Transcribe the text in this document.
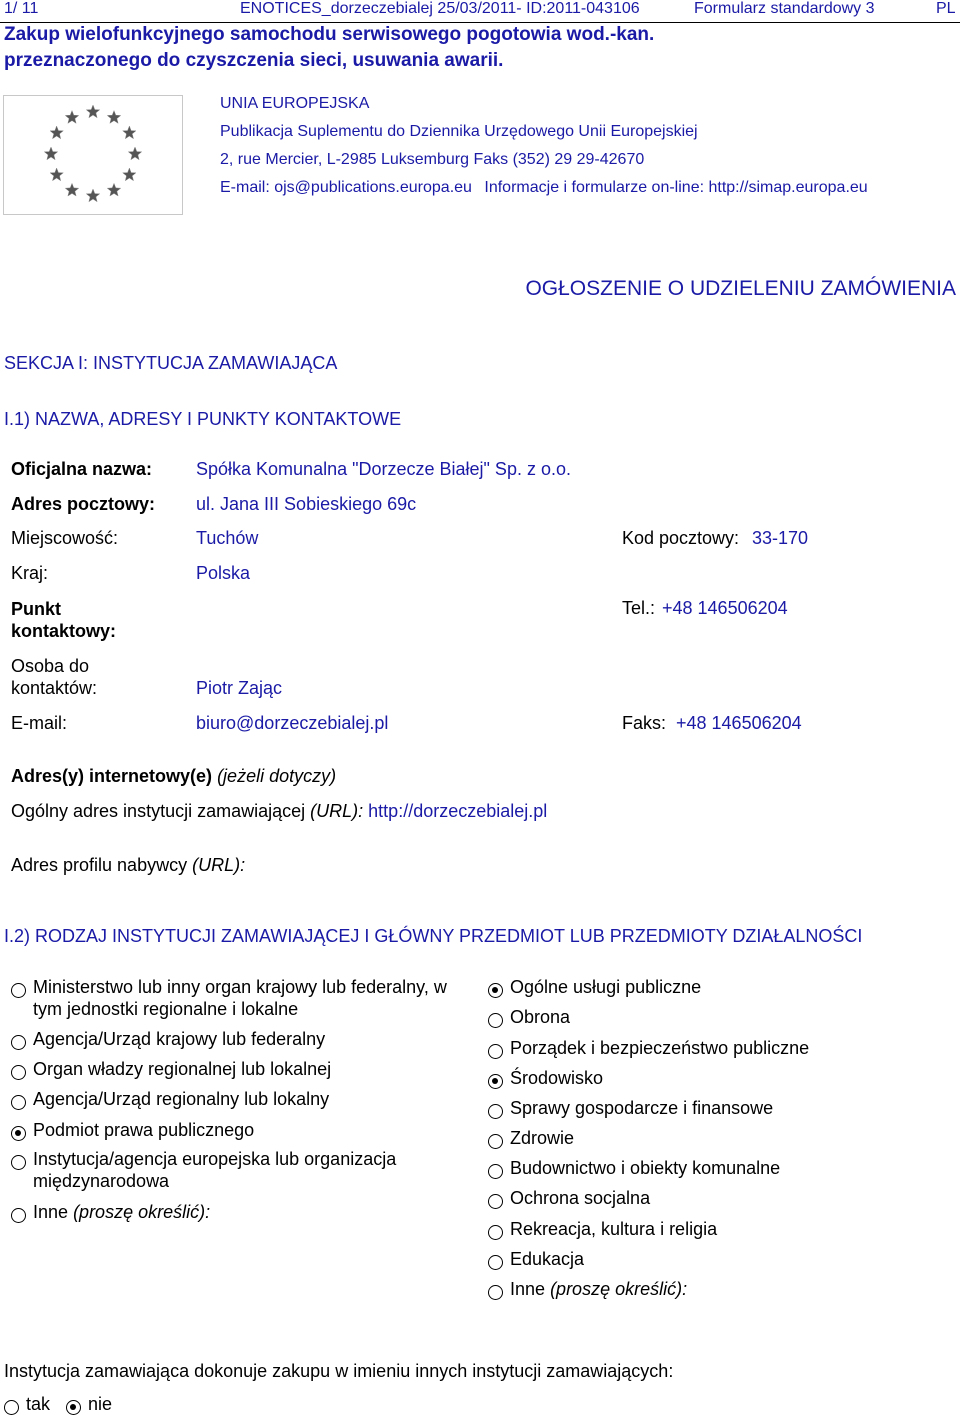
1/ 11	ENOTICES_dorzeczebialej 25/03/2011- ID:2011-043106	Formularz standardowy 3	PL
Zakup wielofunkcyjnego samochodu serwisowego pogotowia wod.-kan.
przeznaczonego do czyszczenia sieci, usuwania awarii.
UNIA EUROPEJSKA
Publikacja Suplementu do Dziennika Urzędowego Unii Europejskiej
2, rue Mercier, L-2985 Luksemburg Faks (352) 29 29-42670
E-mail: ojs@publications.europa.eu Informacje i formularze on-line: http://simap.europa.eu
OGŁOSZENIE O UDZIELENIU ZAMÓWIENIA
SEKCJA I: INSTYTUCJA ZAMAWIAJĄCA
I.1) NAZWA, ADRESY I PUNKTY KONTAKTOWE
Oficjalna nazwa: Spółka Komunalna "Dorzecze Białej" Sp. z o.o.
Adres pocztowy: ul. Jana III Sobieskiego 69c
Miejscowość:	Tuchów	Kod pocztowy: 33-170
Kraj:	Polska
Punkt
kontaktowy:
Tel.: +48 146506204
Osoba do
kontaktów:	Piotr Zając
E-mail:	biuro@dorzeczebialej.pl	Faks: +48 146506204
Adres(y) internetowy(e) (jeżeli dotyczy)
Ogólny adres instytucji zamawiającej (URL): http://dorzeczebialej.pl
Adres profilu nabywcy (URL):
I.2) RODZAJ INSTYTUCJI ZAMAWIAJĄCEJ I GŁÓWNY PRZEDMIOT LUB PRZEDMIOTY DZIAŁALNOŚCI
Ministerstwo lub inny organ krajowy lub federalny, w tym jednostki regionalne i lokalne
Agencja/Urząd krajowy lub federalny
Organ władzy regionalnej lub lokalnej
Agencja/Urząd regionalny lub lokalny
Podmiot prawa publicznego
Instytucja/agencja europejska lub organizacja międzynarodowa
Inne (proszę określić):
Ogólne usługi publiczne
Obrona
Porządek i bezpieczeństwo publiczne
Środowisko
Sprawy gospodarcze i finansowe
Zdrowie
Budownictwo i obiekty komunalne
Ochrona socjalna
Rekreacja, kultura i religia
Edukacja
Inne (proszę określić):
Instytucja zamawiająca dokonuje zakupu w imieniu innych instytucji zamawiających:
tak nie
